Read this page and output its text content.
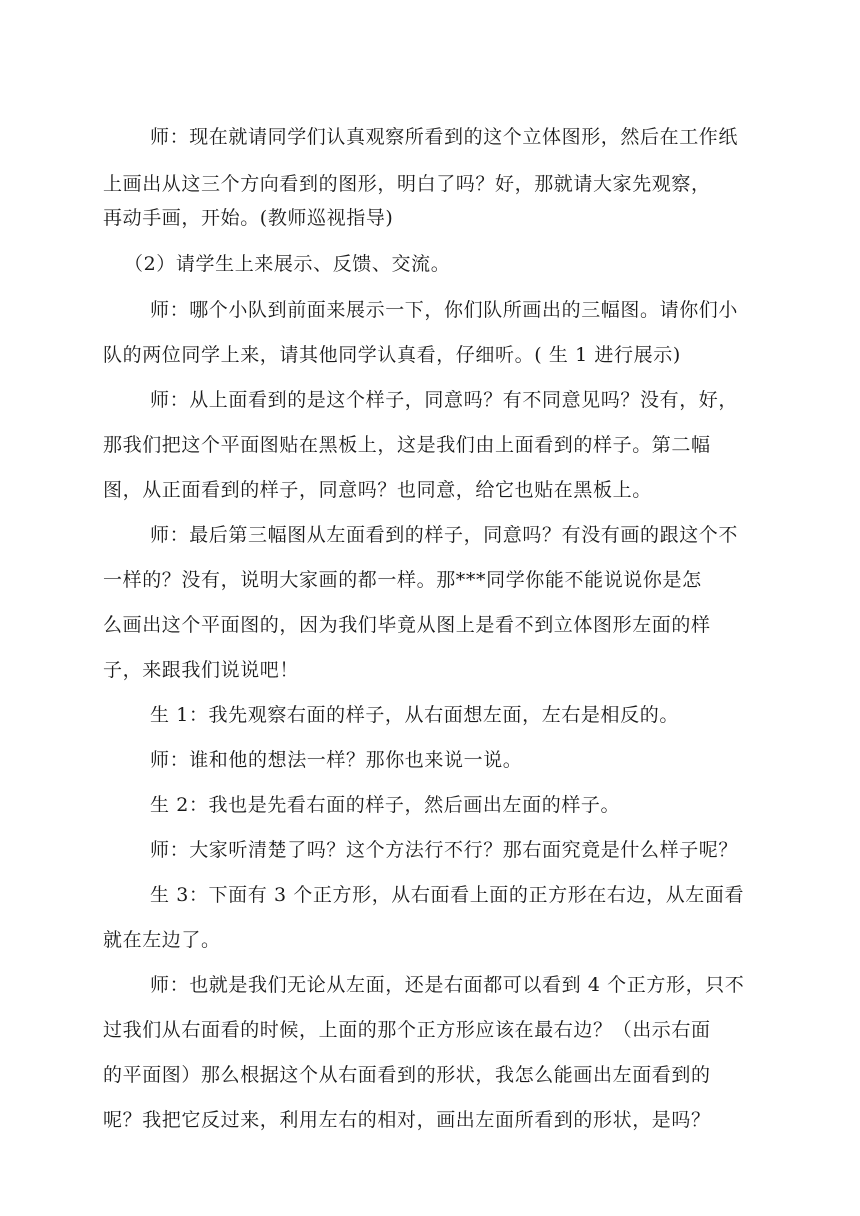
师：现在就请同学们认真观察所看到的这个立体图形，然后在工作纸
上画出从这三个方向看到的图形，明白了吗？好，那就请大家先观察，
再动手画，开始。(教师巡视指导)
（2）请学生上来展示、反馈、交流。
师：哪个小队到前面来展示一下，你们队所画出的三幅图。请你们小
队的两位同学上来，请其他同学认真看，仔细听。( 生 1 进行展示)
师：从上面看到的是这个样子，同意吗？有不同意见吗？没有，好，
那我们把这个平面图贴在黑板上，这是我们由上面看到的样子。第二幅
图，从正面看到的样子，同意吗？也同意，给它也贴在黑板上。
师：最后第三幅图从左面看到的样子，同意吗？有没有画的跟这个不
一样的？没有，说明大家画的都一样。那***同学你能不能说说你是怎
么画出这个平面图的，因为我们毕竟从图上是看不到立体图形左面的样
子，来跟我们说说吧！
生 1：我先观察右面的样子，从右面想左面，左右是相反的。
师：谁和他的想法一样？那你也来说一说。
生 2：我也是先看右面的样子，然后画出左面的样子。
师：大家听清楚了吗？这个方法行不行？那右面究竟是什么样子呢？
生 3：下面有 3 个正方形，从右面看上面的正方形在右边，从左面看
就在左边了。
师：也就是我们无论从左面，还是右面都可以看到 4 个正方形，只不
过我们从右面看的时候，上面的那个正方形应该在最右边？（出示右面
的平面图）那么根据这个从右面看到的形状，我怎么能画出左面看到的
呢？我把它反过来，利用左右的相对，画出左面所看到的形状，是吗？
